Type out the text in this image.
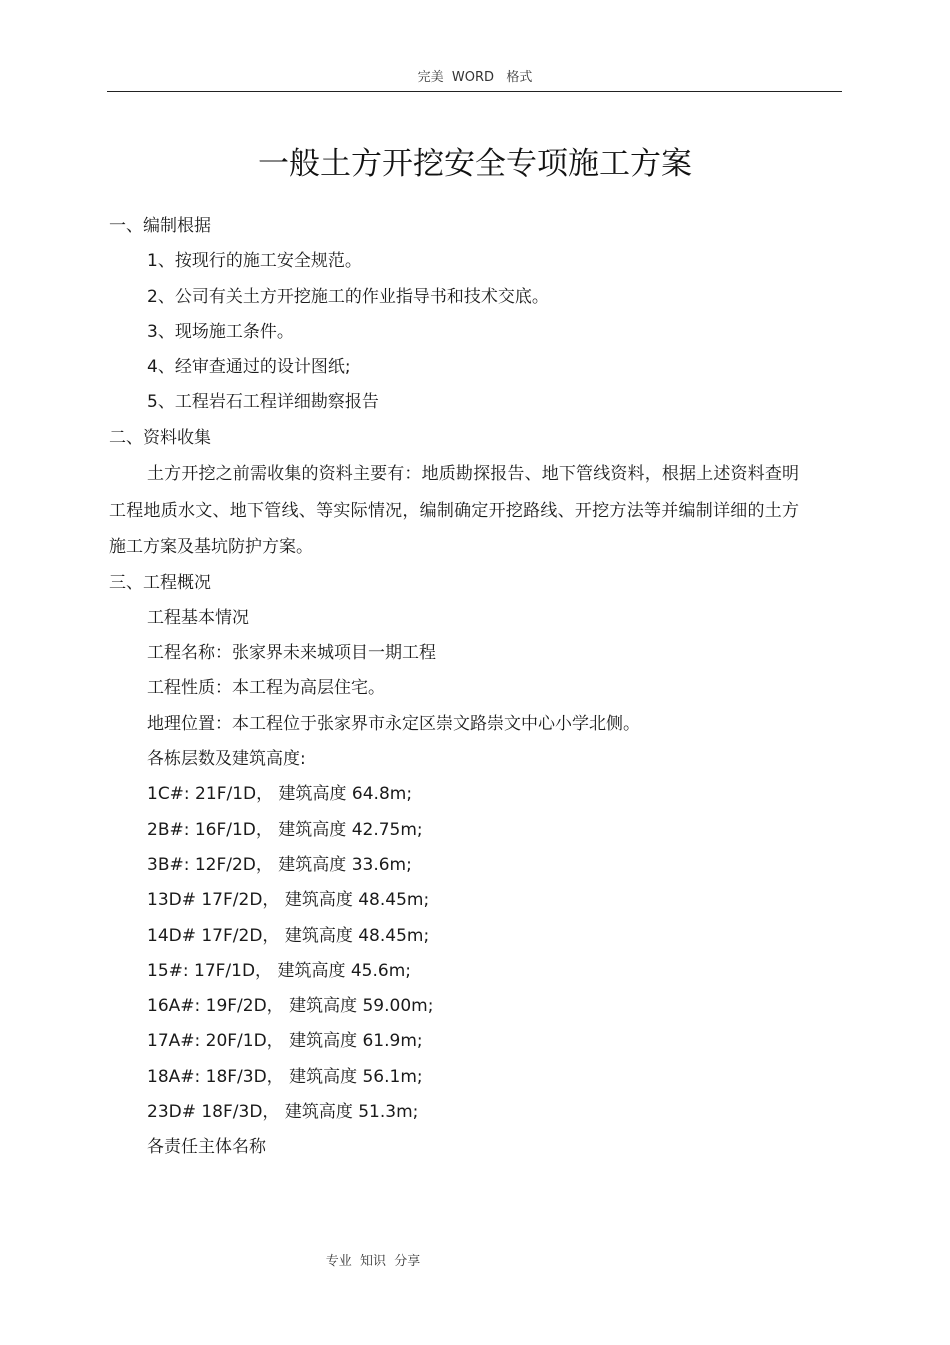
完美  WORD   格式
一般土方开挖安全专项施工方案
一、编制根据
1、按现行的施工安全规范。
2、公司有关土方开挖施工的作业指导书和技术交底。
3、现场施工条件。
4、经审查通过的设计图纸;
5、工程岩石工程详细勘察报告
二、资料收集
土方开挖之前需收集的资料主要有：地质勘探报告、地下管线资料，根据上述资料查明工程地质水文、地下管线、等实际情况，编制确定开挖路线、开挖方法等并编制详细的土方施工方案及基坑防护方案。
三、工程概况
工程基本情况
工程名称：张家界未来城项目一期工程
工程性质：本工程为高层住宅。
地理位置：本工程位于张家界市永定区崇文路崇文中心小学北侧。
各栋层数及建筑高度:
1C#: 21F/1D， 建筑高度 64.8m;
2B#: 16F/1D， 建筑高度 42.75m;
3B#: 12F/2D， 建筑高度 33.6m;
13D# 17F/2D， 建筑高度 48.45m;
14D# 17F/2D， 建筑高度 48.45m;
15#: 17F/1D， 建筑高度 45.6m;
16A#: 19F/2D， 建筑高度 59.00m;
17A#: 20F/1D， 建筑高度 61.9m;
18A#: 18F/3D， 建筑高度 56.1m;
23D# 18F/3D， 建筑高度 51.3m;
各责任主体名称
专业  知识  分享
